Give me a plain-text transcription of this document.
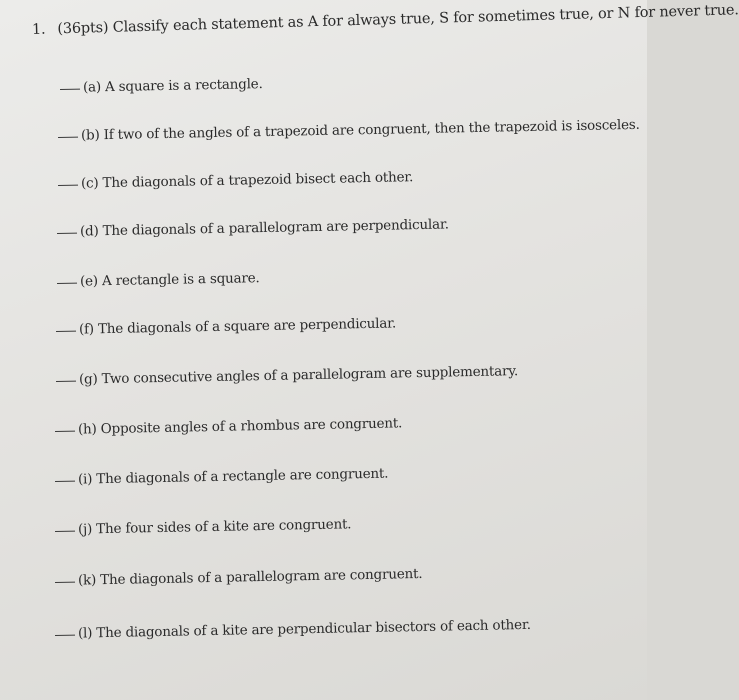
1. (36pts) Classify each statement as A for always true, S for sometimes true, or N for never true.
(a) A square is a rectangle.
(b) If two of the angles of a trapezoid are congruent, then the trapezoid is isosceles.
(c) The diagonals of a trapezoid bisect each other.
(d) The diagonals of a parallelogram are perpendicular.
(e) A rectangle is a square.
(f) The diagonals of a square are perpendicular.
(g) Two consecutive angles of a parallelogram are supplementary.
(h) Opposite angles of a rhombus are congruent.
(i) The diagonals of a rectangle are congruent.
(j) The four sides of a kite are congruent.
(k) The diagonals of a parallelogram are congruent.
(l) The diagonals of a kite are perpendicular bisectors of each other.
